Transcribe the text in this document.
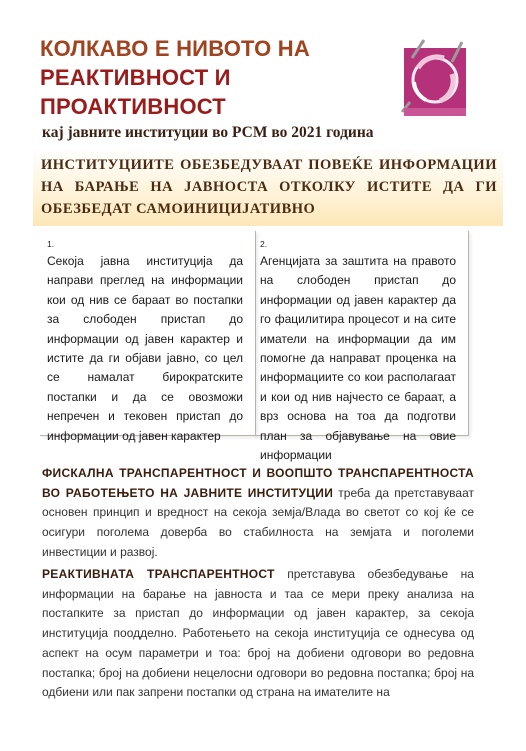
КОЛКАВО Е НИВОТО НА
РЕАКТИВНОСТ И
ПРОАКТИВНОСТ
кај јавните институции во РСМ во 2021 година
ИНСТИТУЦИИТЕ ОБЕЗБЕДУВААТ ПОВЕЌЕ ИНФОРМАЦИИ НА БАРАЊЕ НА ЈАВНОСТА ОТКОЛКУ ИСТИТЕ ДА ГИ ОБЕЗБЕДАТ САМОИНИЦИЈАТИВНО
1.
Секоја јавна институција да направи преглед на информации кои од нив се бараат во постапки за слободен пристап до информации од јавен карактер и истите да ги објави јавно, со цел се намалат бирократските постапки и да се овозможи непречен и тековен пристап до информации од јавен карактер
2.
Агенцијата за заштита на правото на слободен пристап до информации од јавен карактер да го фацилитира процесот и на сите иматели на информации да им помогне да направат проценка на информациите со кои располагаат и кои од нив најчесто се бараат, а врз основа на тоа да подготви план за објавување на овие информации

ФИСКАЛНА ТРАНСПАРЕНТНОСТ И ВООПШТО ТРАНСПАРЕНТНОСТА ВО РАБОТЕЊЕТО НА ЈАВНИТЕ ИНСТИТУЦИИ треба да претставуваат основен принцип и вредност на секоја земја/Влада во светот со кој ќе се осигури поголема доверба во стабилноста на земјата и поголеми инвестиции и развој.

РЕАКТИВНАТА ТРАНСПАРЕНТНОСТ претставува обезбедување на информации на барање на јавноста и таа се мери преку анализа на постапките за пристап до информации од јавен карактер, за секоја институција поодделно. Работењето на секоја институција се однесува од аспект на осум параметри и тоа: број на добиени одговори во редовна постапка; број на добиени нецелосни одговори во редовна постапка; број на одбиени или пак запрени постапки од страна на имателите на
